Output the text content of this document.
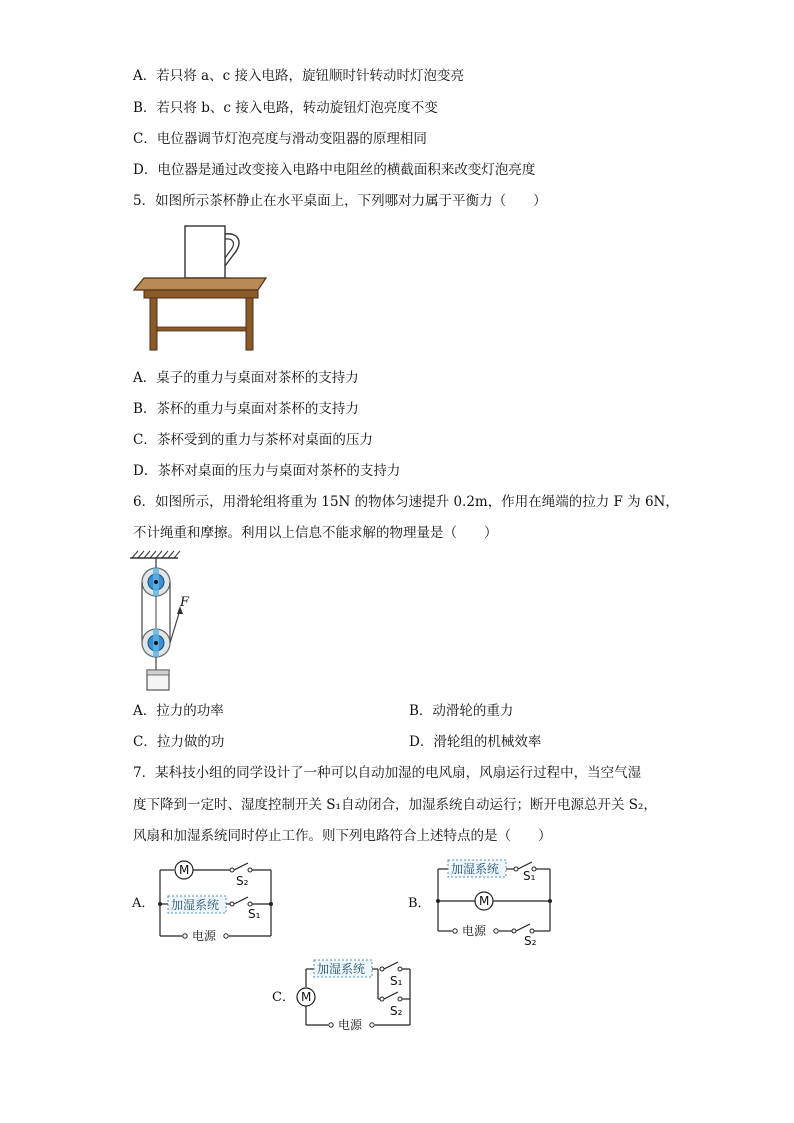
A．若只将 a、c 接入电路，旋钮顺时针转动时灯泡变亮
B．若只将 b、c 接入电路，转动旋钮灯泡亮度不变
C．电位器调节灯泡亮度与滑动变阻器的原理相同
D．电位器是通过改变接入电路中电阻丝的横截面积来改变灯泡亮度
5．如图所示茶杯静止在水平桌面上，下列哪对力属于平衡力（　　）
A．桌子的重力与桌面对茶杯的支持力
B．茶杯的重力与桌面对茶杯的支持力
C．茶杯受到的重力与茶杯对桌面的压力
D．茶杯对桌面的压力与桌面对茶杯的支持力
6．如图所示，用滑轮组将重为 15N 的物体匀速提升 0.2m，作用在绳端的拉力 F 为 6N，
不计绳重和摩擦。利用以上信息不能求解的物理量是（　　）
F
A．拉力的功率	B．动滑轮的重力
C．拉力做的功	D．滑轮组的机械效率
7．某科技小组的同学设计了一种可以自动加湿的电风扇，风扇运行过程中，当空气湿
度下降到一定时、湿度控制开关 S₁自动闭合，加湿系统自动运行；断开电源总开关 S₂，
风扇和加湿系统同时停止工作。则下列电路符合上述特点的是（　　）
A．
M
S₂
加湿系统
S₁
电源
B．
加湿系统 S₁
M
电源
S₂
C． M
加湿系统
S₁
S₂
电源
